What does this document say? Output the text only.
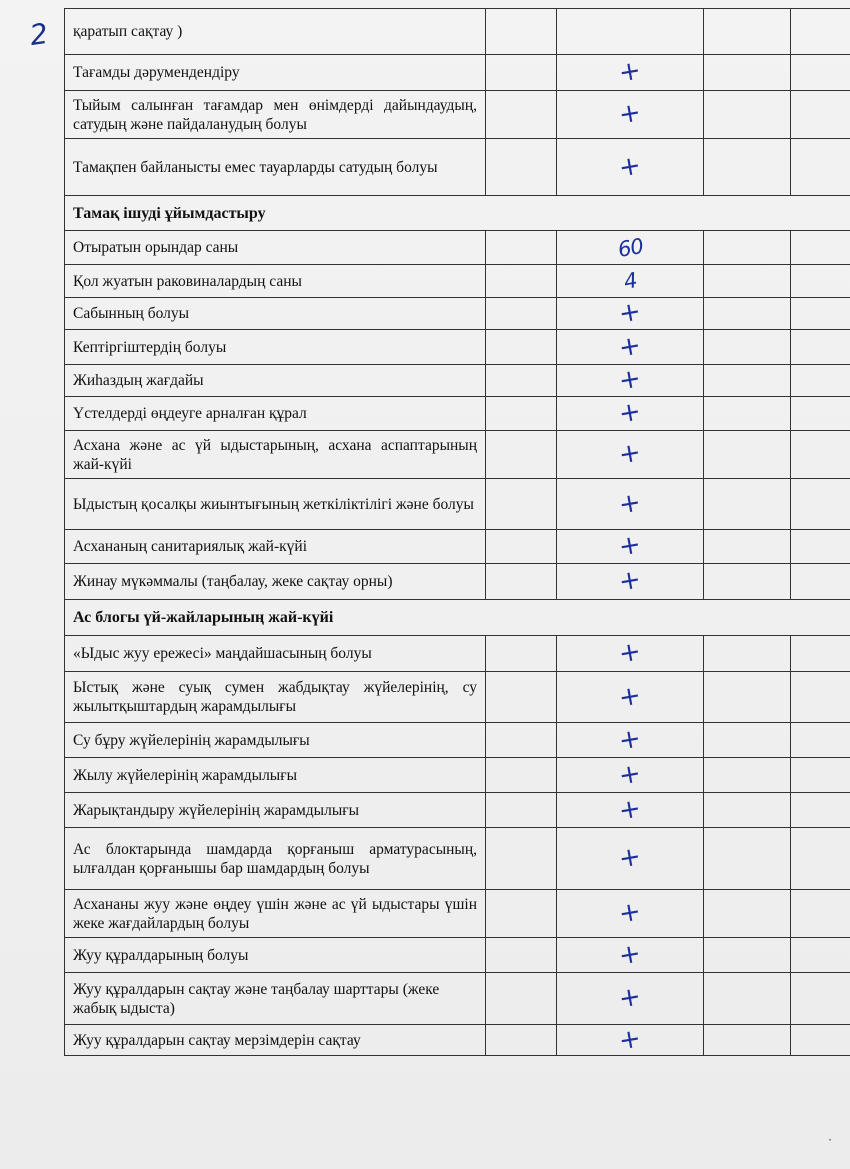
2 қаратып сақтау )				
Тағамды дәрумендендіру		+		
Тыйым салынған тағамдар мен өнімдерді дайындаудың, сатудың және пайдаланудың болуы		+		
Тамақпен байланысты емес тауарларды сатудың болуы		+		
Тамақ ішуді ұйымдастыру				
Отыратын орындар саны		60		
Қол жуатын раковиналардың саны		4		
Сабынның болуы		+		
Кептіргіштердің болуы		+		
Жиһаздың жағдайы		+		
Үстелдерді өңдеуге арналған құрал		+		
Асхана және ас үй ыдыстарының, асхана аспаптарының жай-күйі		+		
Ыдыстың қосалқы жиынтығының жеткіліктілігі және болуы		+		
Асхананың санитариялық жай-күйі		+		
Жинау мүкәммалы (таңбалау, жеке сақтау орны)		+		
Ас блогы үй-жайларының жай-күйі				
«Ыдыс жуу ережесі» маңдайшасының болуы		+		
Ыстық және суық сумен жабдықтау жүйелерінің, су жылытқыштардың жарамдылығы		+		
Су бұру жүйелерінің жарамдылығы		+		
Жылу жүйелерінің жарамдылығы		+		
Жарықтандыру жүйелерінің жарамдылығы		+		
Ас блоктарында шамдарда қорғаныш арматурасының, ылғалдан қорғанышы бар шамдардың болуы		+		
Асхананы жуу және өңдеу үшін және ас үй ыдыстары үшін жеке жағдайлардың болуы		+		
Жуу құралдарының болуы		+		
Жуу құралдарын сақтау және таңбалау шарттары (жеке жабық ыдыста)		+		
Жуу құралдарын сақтау мерзімдерін сақтау		+		
·
